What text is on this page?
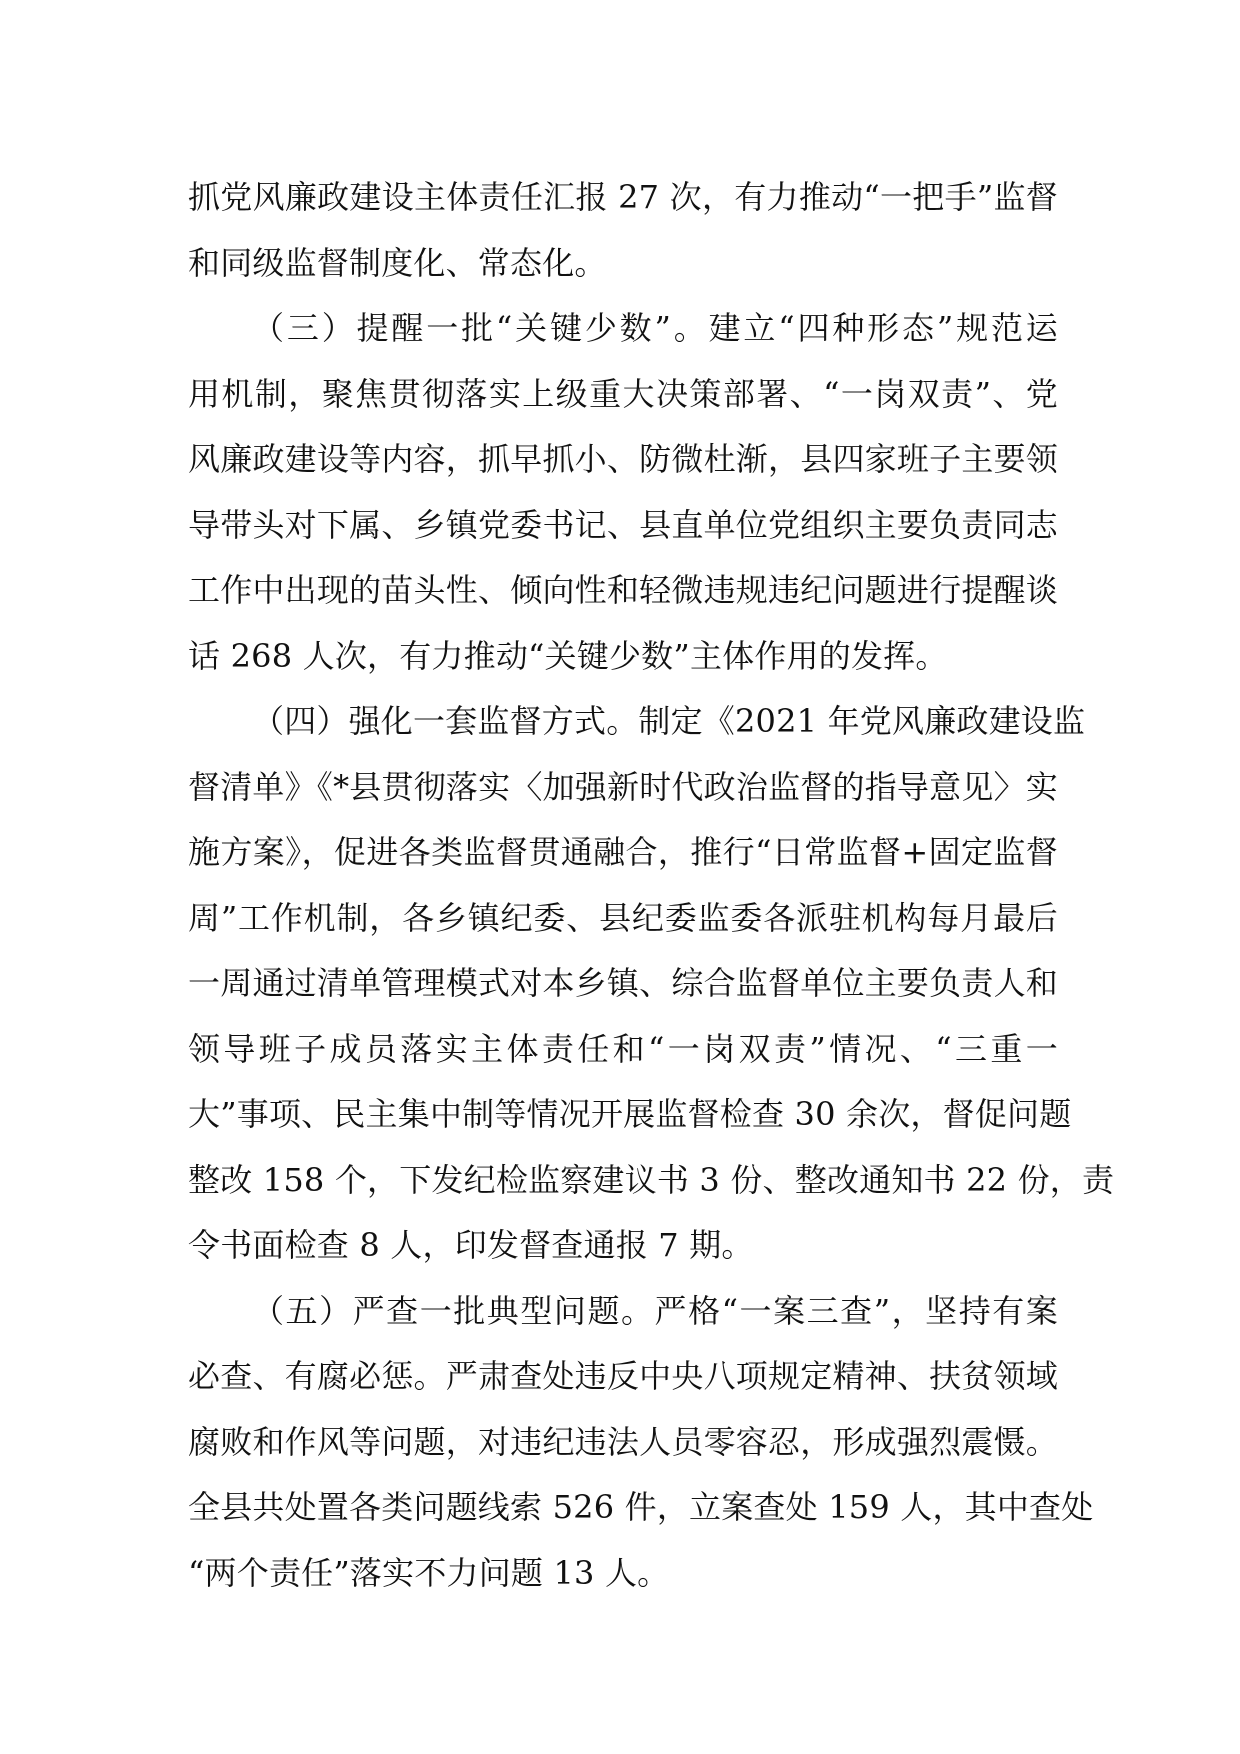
抓党风廉政建设主体责任汇报 27 次，有力推动“一把手”监督
和同级监督制度化、常态化。
（三）提醒一批“关键少数”。建立“四种形态”规范运
用机制，聚焦贯彻落实上级重大决策部署、“一岗双责”、党
风廉政建设等内容，抓早抓小、防微杜渐，县四家班子主要领
导带头对下属、乡镇党委书记、县直单位党组织主要负责同志
工作中出现的苗头性、倾向性和轻微违规违纪问题进行提醒谈
话 268 人次，有力推动“关键少数”主体作用的发挥。
（四）强化一套监督方式。制定《2021 年党风廉政建设监
督清单》《*县贯彻落实〈加强新时代政治监督的指导意见〉实
施方案》，促进各类监督贯通融合，推行“日常监督+固定监督
周”工作机制，各乡镇纪委、县纪委监委各派驻机构每月最后
一周通过清单管理模式对本乡镇、综合监督单位主要负责人和
领导班子成员落实主体责任和“一岗双责”情况、“三重一
大”事项、民主集中制等情况开展监督检查 30 余次，督促问题
整改 158 个，下发纪检监察建议书 3 份、整改通知书 22 份，责
令书面检查 8 人，印发督查通报 7 期。
（五）严查一批典型问题。严格“一案三查”，坚持有案
必查、有腐必惩。严肃查处违反中央八项规定精神、扶贫领域
腐败和作风等问题，对违纪违法人员零容忍，形成强烈震慑。
全县共处置各类问题线索 526 件，立案查处 159 人，其中查处
“两个责任”落实不力问题 13 人。
